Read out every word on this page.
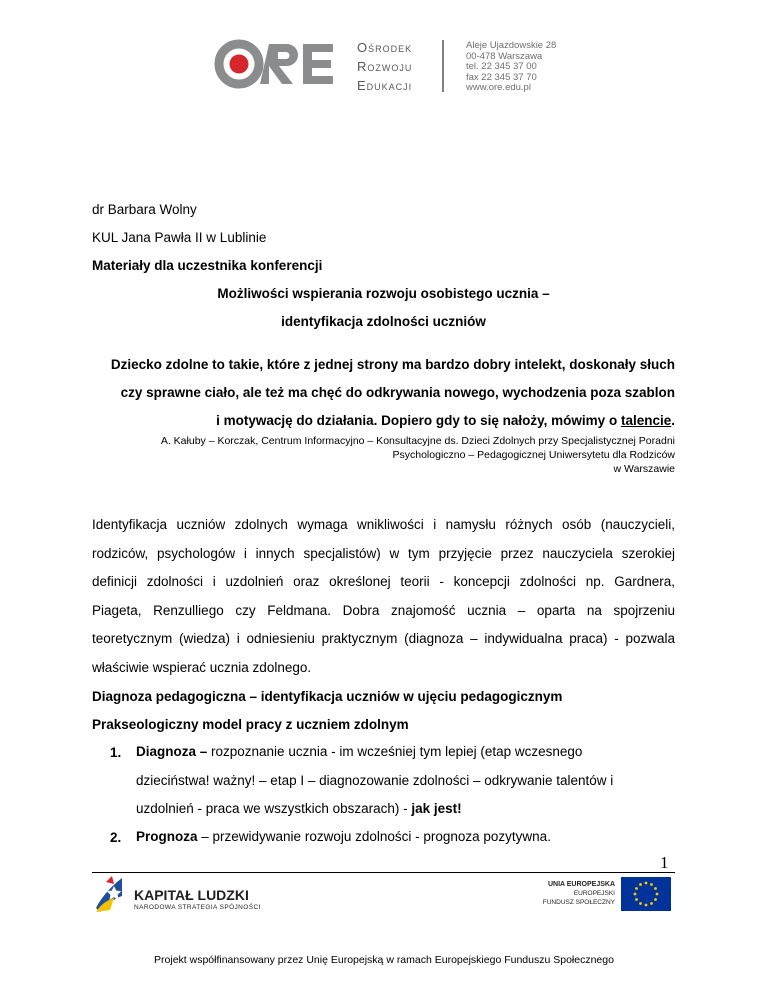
Ośrodek
Rozwoju
Edukacji
Aleje Ujazdowskie 28
00-478 Warszawa
tel. 22 345 37 00
fax 22 345 37 70
www.ore.edu.pl
dr Barbara Wolny
KUL Jana Pawła II w Lublinie
Materiały dla uczestnika konferencji
Możliwości wspierania rozwoju osobistego ucznia –
identyfikacja zdolności uczniów
Dziecko zdolne to takie, które z jednej strony ma bardzo dobry intelekt, doskonały słuch
czy sprawne ciało, ale też ma chęć do odkrywania nowego, wychodzenia poza szablon
i motywację do działania. Dopiero gdy to się nałoży, mówimy o talencie.
A. Kałuby – Korczak, Centrum Informacyjno – Konsultacyjne ds. Dzieci Zdolnych przy Specjalistycznej Poradni
Psychologiczno – Pedagogicznej Uniwersytetu dla Rodziców
w Warszawie
Identyfikacja uczniów zdolnych wymaga wnikliwości i namysłu różnych osób (nauczycieli,
rodziców, psychologów i innych specjalistów) w tym przyjęcie przez nauczyciela szerokiej
definicji zdolności i uzdolnień oraz określonej teorii - koncepcji zdolności np. Gardnera,
Piageta, Renzulliego czy Feldmana. Dobra znajomość ucznia – oparta na spojrzeniu
teoretycznym (wiedza) i odniesieniu praktycznym (diagnoza – indywidualna praca) - pozwala
właściwie wspierać ucznia zdolnego.
Diagnoza pedagogiczna – identyfikacja uczniów w ujęciu pedagogicznym
Prakseologiczny model pracy z uczniem zdolnym
1. Diagnoza – rozpoznanie ucznia - im wcześniej tym lepiej (etap wczesnego
dzieciństwa! ważny! – etap I – diagnozowanie zdolności – odkrywanie talentów i
uzdolnień - praca we wszystkich obszarach) - jak jest!
2. Prognoza – przewidywanie rozwoju zdolności - prognoza pozytywna.
1
KAPITAŁ LUDZKI
NARODOWA STRATEGIA SPÓJNOŚCI
UNIA EUROPEJSKA
EUROPEJSKI
FUNDUSZ SPOŁECZNY
Projekt współfinansowany przez Unię Europejską w ramach Europejskiego Funduszu Społecznego
